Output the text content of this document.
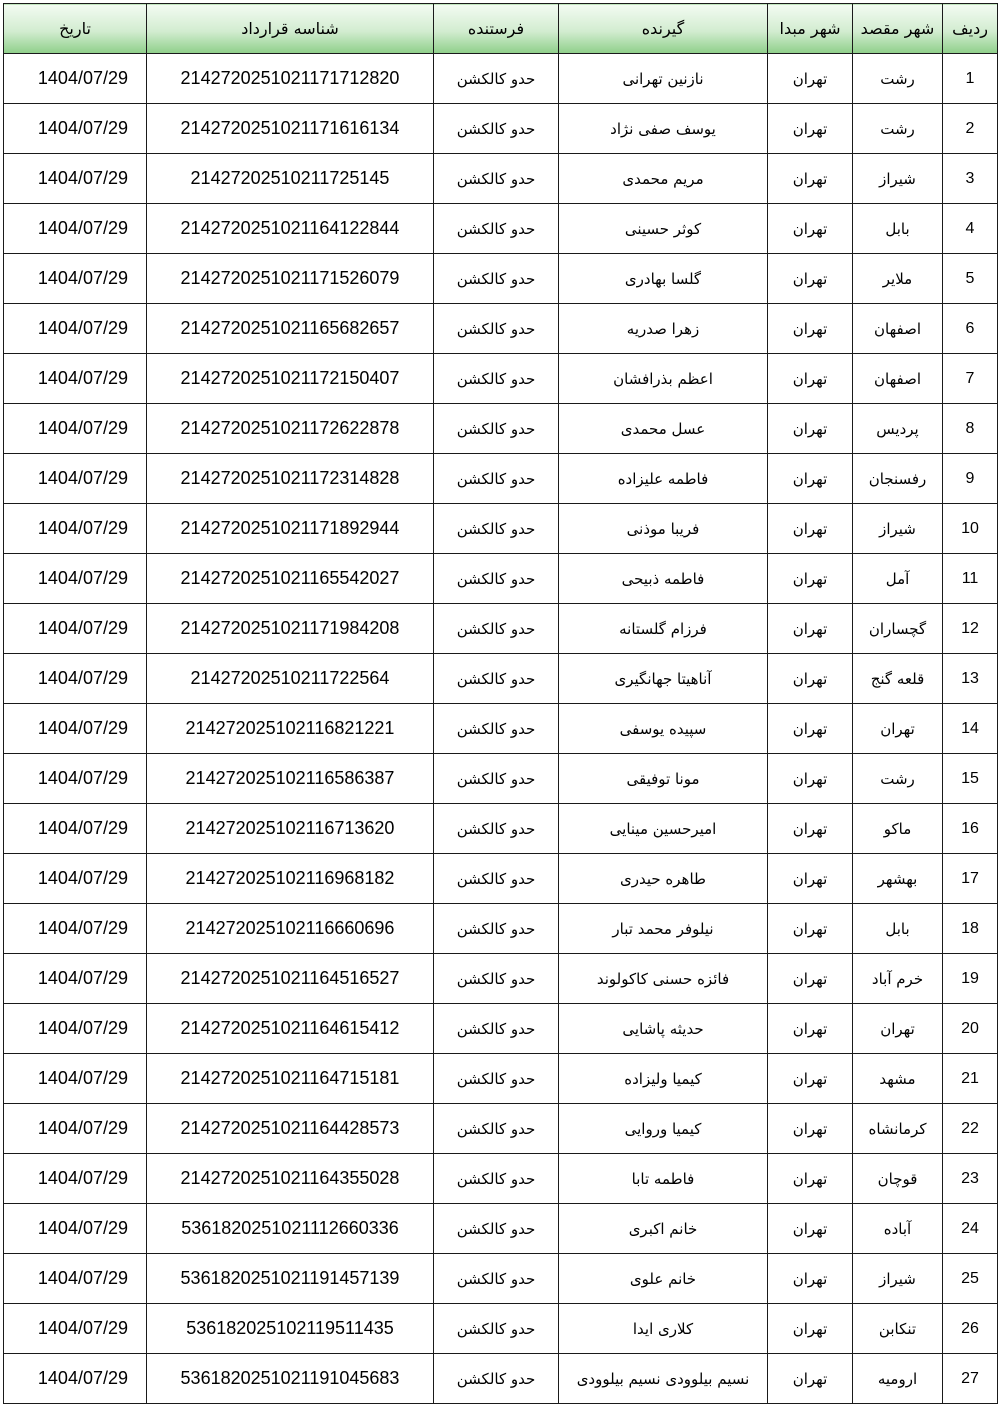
ردیف	شهر مقصد	شهر مبدا	گیرنده	فرستنده	شناسه قرارداد	تاریخ
1	رشت	تهران	نازنین تهرانی	حدو کالکشن	2142720251021171712820	1404/07/29
2	رشت	تهران	یوسف صفی نژاد	حدو کالکشن	2142720251021171616134	1404/07/29
3	شیراز	تهران	مریم محمدی	حدو کالکشن	21427202510211725145	1404/07/29
4	بابل	تهران	کوثر حسینی	حدو کالکشن	2142720251021164122844	1404/07/29
5	ملایر	تهران	گلسا بهادری	حدو کالکشن	2142720251021171526079	1404/07/29
6	اصفهان	تهران	زهرا صدریه	حدو کالکشن	2142720251021165682657	1404/07/29
7	اصفهان	تهران	اعظم بذرافشان	حدو کالکشن	2142720251021172150407	1404/07/29
8	پردیس	تهران	عسل محمدی	حدو کالکشن	2142720251021172622878	1404/07/29
9	رفسنجان	تهران	فاطمه علیزاده	حدو کالکشن	2142720251021172314828	1404/07/29
10	شیراز	تهران	فریبا موذنی	حدو کالکشن	2142720251021171892944	1404/07/29
11	آمل	تهران	فاطمه ذبیحی	حدو کالکشن	2142720251021165542027	1404/07/29
12	گچساران	تهران	فرزام گلستانه	حدو کالکشن	2142720251021171984208	1404/07/29
13	قلعه گنج	تهران	آناهیتا جهانگیری	حدو کالکشن	21427202510211722564	1404/07/29
14	تهران	تهران	سپیده یوسفی	حدو کالکشن	214272025102116821221	1404/07/29
15	رشت	تهران	مونا توفیقی	حدو کالکشن	214272025102116586387	1404/07/29
16	ماکو	تهران	امیرحسین مینایی	حدو کالکشن	214272025102116713620	1404/07/29
17	بهشهر	تهران	طاهره حیدری	حدو کالکشن	214272025102116968182	1404/07/29
18	بابل	تهران	نیلوفر محمد تبار	حدو کالکشن	214272025102116660696	1404/07/29
19	خرم آباد	تهران	فائزه حسنی کاکولوند	حدو کالکشن	2142720251021164516527	1404/07/29
20	تهران	تهران	حدیثه پاشایی	حدو کالکشن	2142720251021164615412	1404/07/29
21	مشهد	تهران	کیمیا ولیزاده	حدو کالکشن	2142720251021164715181	1404/07/29
22	کرمانشاه	تهران	کیمیا وروایی	حدو کالکشن	2142720251021164428573	1404/07/29
23	قوچان	تهران	فاطمه تابا	حدو کالکشن	2142720251021164355028	1404/07/29
24	آباده	تهران	خانم اکبری	حدو کالکشن	5361820251021112660336	1404/07/29
25	شیراز	تهران	خانم علوی	حدو کالکشن	5361820251021191457139	1404/07/29
26	تنکابن	تهران	کلاری ایدا	حدو کالکشن	536182025102119511435	1404/07/29
27	ارومیه	تهران	نسیم بیلوودی نسیم بیلوودی	حدو کالکشن	5361820251021191045683	1404/07/29
